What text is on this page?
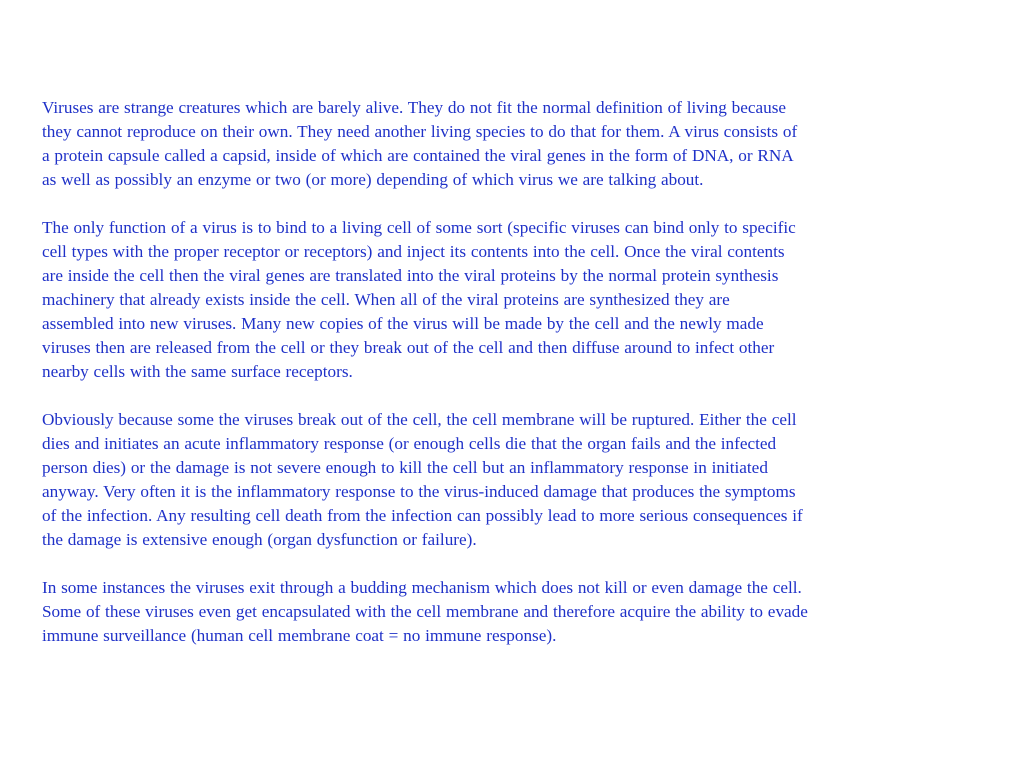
Viruses are strange creatures which are barely alive. They do not fit the normal definition of living because
they cannot reproduce on their own. They need another living species to do that for them. A virus consists of
a protein capsule called a capsid, inside of which are contained the viral genes in the form of DNA, or RNA
as well as possibly an enzyme or two (or more) depending of which virus we are talking about.

The only function of a virus is to bind to a living cell of some sort (specific viruses can bind only to specific
cell types with the proper receptor or receptors) and inject its contents into the cell. Once the viral contents
are inside the cell then the viral genes are translated into the viral proteins by the normal protein synthesis
machinery that already exists inside the cell. When all of the viral proteins are synthesized they are
assembled into new viruses. Many new copies of the virus will be made by the cell and the newly made
viruses then are released from the cell or they break out of the cell and then diffuse around to infect other
nearby cells with the same surface receptors.

Obviously because some the viruses break out of the cell, the cell membrane will be ruptured. Either the cell
dies and initiates an acute inflammatory response (or enough cells die that the organ fails and the infected
person dies) or the damage is not severe enough to kill the cell but an inflammatory response in initiated
anyway. Very often it is the inflammatory response to the virus-induced damage that produces the symptoms
of the infection. Any resulting cell death from the infection can possibly lead to more serious consequences if
the damage is extensive enough (organ dysfunction or failure).

In some instances the viruses exit through a budding mechanism which does not kill or even damage the cell.
Some of these viruses even get encapsulated with the cell membrane and therefore acquire the ability to evade
immune surveillance (human cell membrane coat = no immune response).
